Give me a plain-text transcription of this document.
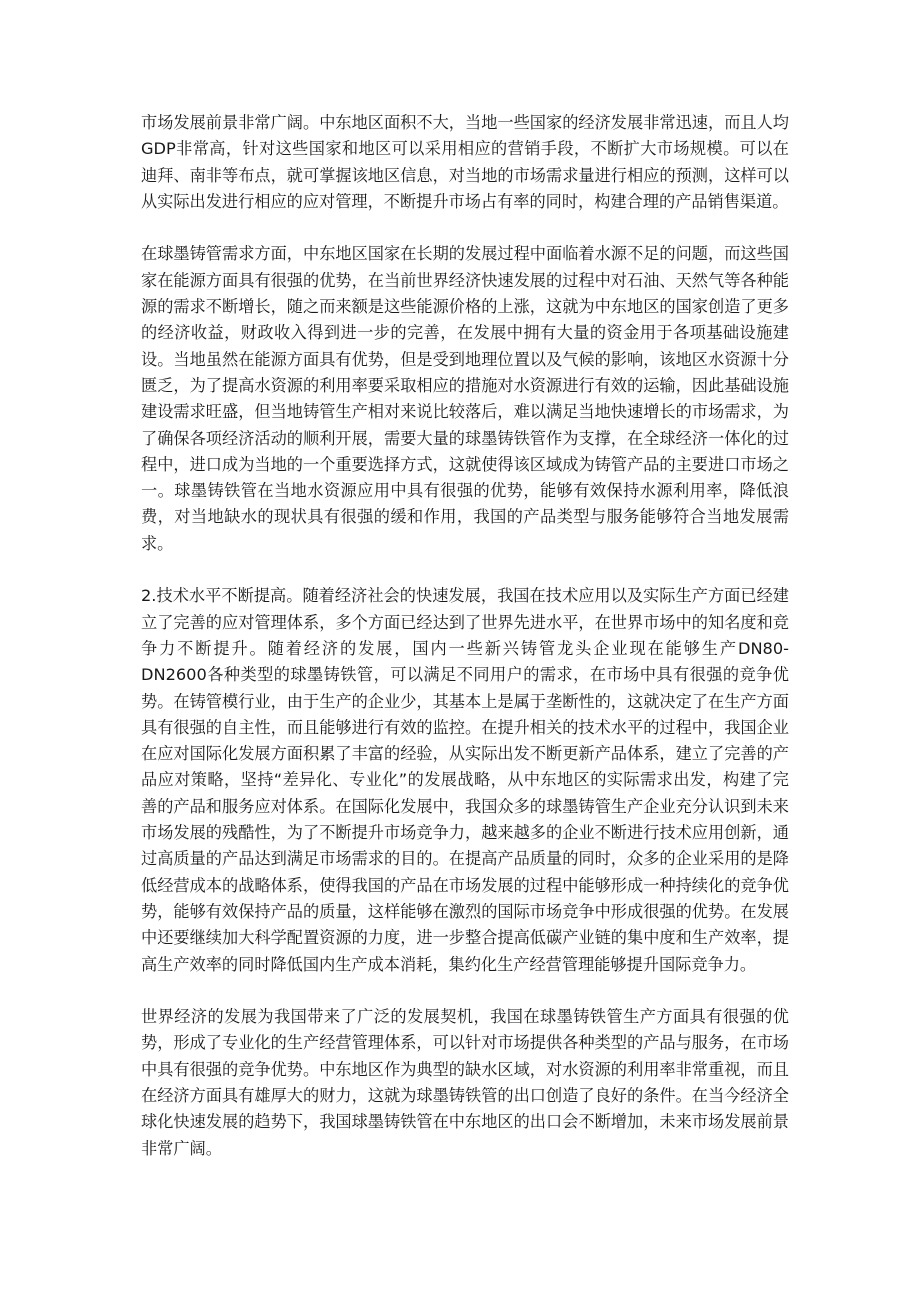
市场发展前景非常广阔。中东地区面积不大，当地一些国家的经济发展非常迅速，而且人均GDP非常高，针对这些国家和地区可以采用相应的营销手段，不断扩大市场规模。可以在迪拜、南非等布点，就可掌握该地区信息，对当地的市场需求量进行相应的预测，这样可以从实际出发进行相应的应对管理，不断提升市场占有率的同时，构建合理的产品销售渠道。

在球墨铸管需求方面，中东地区国家在长期的发展过程中面临着水源不足的问题，而这些国家在能源方面具有很强的优势，在当前世界经济快速发展的过程中对石油、天然气等各种能源的需求不断增长，随之而来额是这些能源价格的上涨，这就为中东地区的国家创造了更多的经济收益，财政收入得到进一步的完善，在发展中拥有大量的资金用于各项基础设施建设。当地虽然在能源方面具有优势，但是受到地理位置以及气候的影响，该地区水资源十分匮乏，为了提高水资源的利用率要采取相应的措施对水资源进行有效的运输，因此基础设施建设需求旺盛，但当地铸管生产相对来说比较落后，难以满足当地快速增长的市场需求，为了确保各项经济活动的顺利开展，需要大量的球墨铸铁管作为支撑，在全球经济一体化的过程中，进口成为当地的一个重要选择方式，这就使得该区域成为铸管产品的主要进口市场之一。球墨铸铁管在当地水资源应用中具有很强的优势，能够有效保持水源利用率，降低浪费，对当地缺水的现状具有很强的缓和作用，我国的产品类型与服务能够符合当地发展需求。

2.技术水平不断提高。随着经济社会的快速发展，我国在技术应用以及实际生产方面已经建立了完善的应对管理体系，多个方面已经达到了世界先进水平，在世界市场中的知名度和竞争力不断提升。随着经济的发展，国内一些新兴铸管龙头企业现在能够生产DN80-DN2600各种类型的球墨铸铁管，可以满足不同用户的需求，在市场中具有很强的竞争优势。在铸管模行业，由于生产的企业少，其基本上是属于垄断性的，这就决定了在生产方面具有很强的自主性，而且能够进行有效的监控。在提升相关的技术水平的过程中，我国企业在应对国际化发展方面积累了丰富的经验，从实际出发不断更新产品体系，建立了完善的产品应对策略，坚持“差异化、专业化”的发展战略，从中东地区的实际需求出发，构建了完善的产品和服务应对体系。在国际化发展中，我国众多的球墨铸管生产企业充分认识到未来市场发展的残酷性，为了不断提升市场竞争力，越来越多的企业不断进行技术应用创新，通过高质量的产品达到满足市场需求的目的。在提高产品质量的同时，众多的企业采用的是降低经营成本的战略体系，使得我国的产品在市场发展的过程中能够形成一种持续化的竞争优势，能够有效保持产品的质量，这样能够在激烈的国际市场竞争中形成很强的优势。在发展中还要继续加大科学配置资源的力度，进一步整合提高低碳产业链的集中度和生产效率，提高生产效率的同时降低国内生产成本消耗，集约化生产经营管理能够提升国际竞争力。

世界经济的发展为我国带来了广泛的发展契机，我国在球墨铸铁管生产方面具有很强的优势，形成了专业化的生产经营管理体系，可以针对市场提供各种类型的产品与服务，在市场中具有很强的竞争优势。中东地区作为典型的缺水区域，对水资源的利用率非常重视，而且在经济方面具有雄厚大的财力，这就为球墨铸铁管的出口创造了良好的条件。在当今经济全球化快速发展的趋势下，我国球墨铸铁管在中东地区的出口会不断增加，未来市场发展前景非常广阔。
